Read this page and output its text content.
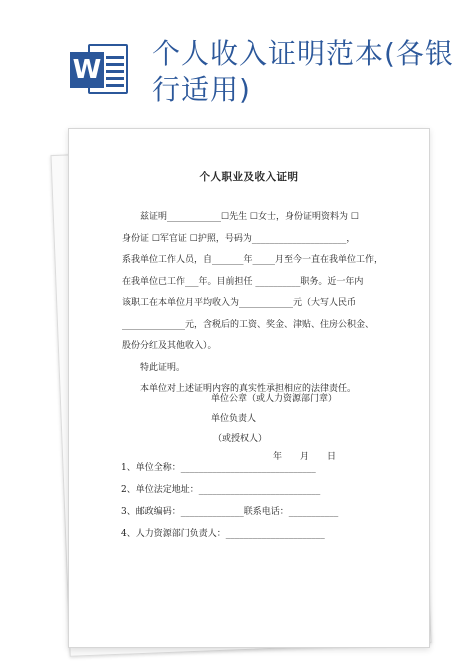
W 个人收入证明范本(各银行适用)
个人职业及收入证明

兹证明____________☐先生 ☐女士，身份证明资料为 ☐

身份证 ☐军官证 ☐护照，号码为_____________________，

系我单位工作人员，自_______年_____月至今一直在我单位工作，

在我单位已工作___年。目前担任 __________职务。近一年内

该职工在本单位月平均收入为____________元（大写人民币

______________元，含税后的工资、奖金、津贴、住房公积金、

股份分红及其他收入）。

特此证明。

本单位对上述证明内容的真实性承担相应的法律责任。

单位公章（或人力资源部门章）
单位负责人
（或授权人）
年　　月　　日

1、单位全称：______________________________

2、单位法定地址：___________________________

3、邮政编码：______________联系电话：___________

4、人力资源部门负责人：______________________
